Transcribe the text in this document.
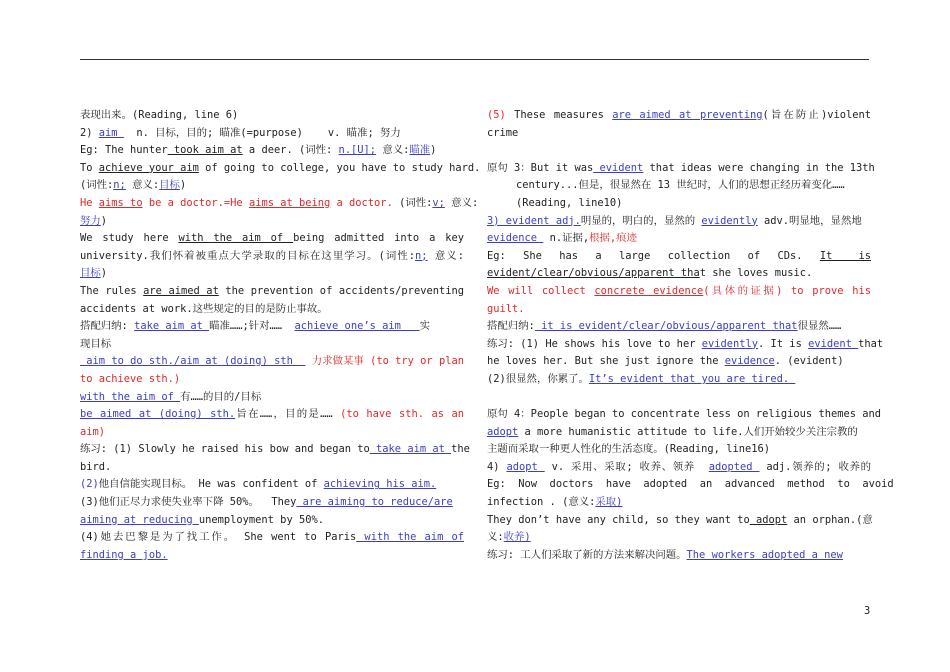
表现出来。(Reading, line 6)
2) aim   n. 目标，目的; 瞄准(=purpose)    v. 瞄准; 努力
Eg: The hunter took aim at a deer. (词性: n.[U]; 意义:瞄准)
To achieve your aim of going to college, you have to study hard.
(词性:n; 意义:目标)
He aims to be a doctor.=He aims at being a doctor. (词性:v; 意义:
努力)
We study here with the aim of being admitted into a key
university.我们怀着被重点大学录取的目标在这里学习。(词性:n; 意义:
目标)
The rules are aimed at the prevention of accidents/preventing
accidents at work.这些规定的目的是防止事故。
搭配归纳: take aim at 瞄准……;针对……  achieve one’s aim   实
现目标
aim to do sth./aim at (doing) sth   力求做某事 (to try or plan
to achieve sth.)
with the aim of 有……的目的/目标
be aimed at (doing) sth.旨在……，目的是…… (to have sth. as an
aim)
练习: (1) Slowly he raised his bow and began to take aim at the
bird.
(2)他自信能实现目标。 He was confident of achieving his aim.
(3)他们正尽力求使失业率下降 50%。  They are aiming to reduce/are
aiming at reducing unemployment by 50%.
(4)她去巴黎是为了找工作。 She went to Paris with the aim of
finding a job.
(5) These measures are aimed at preventing(旨在防止)violent
crime
原句 3：But it was evident that ideas were changing in the 13th
century...但是，很显然在 13 世纪时，人们的思想正经历着变化……
(Reading, line10)
3) evident adj.明显的，明白的，显然的 evidently adv.明显地，显然地
evidence  n.证据,根据,痕迹
Eg:  She  has  a  large  collection  of  CDs.  It   is
evident/clear/obvious/apparent that she loves music.
We will collect concrete evidence(具体的证据) to prove his
guilt.
搭配归纳: it is evident/clear/obvious/apparent that很显然……
练习: (1) He shows his love to her evidently. It is evident that
he loves her. But she just ignore the evidence. (evident)
(2)很显然，你累了。It’s evident that you are tired.
原句 4：People began to concentrate less on religious themes and
adopt a more humanistic attitude to life.人们开始较少关注宗教的
主题而采取一种更人性化的生活态度。(Reading, line16)
4) adopt  v. 采用、采取; 收养、领养  adopted  adj.领养的; 收养的
Eg:  Now  doctors  have  adopted  an  advanced  method  to  avoid
infection . (意义:采取)
They don’t have any child, so they want to adopt an orphan.(意
义:收养)
练习: 工人们采取了新的方法来解决问题。The workers adopted a new
3
